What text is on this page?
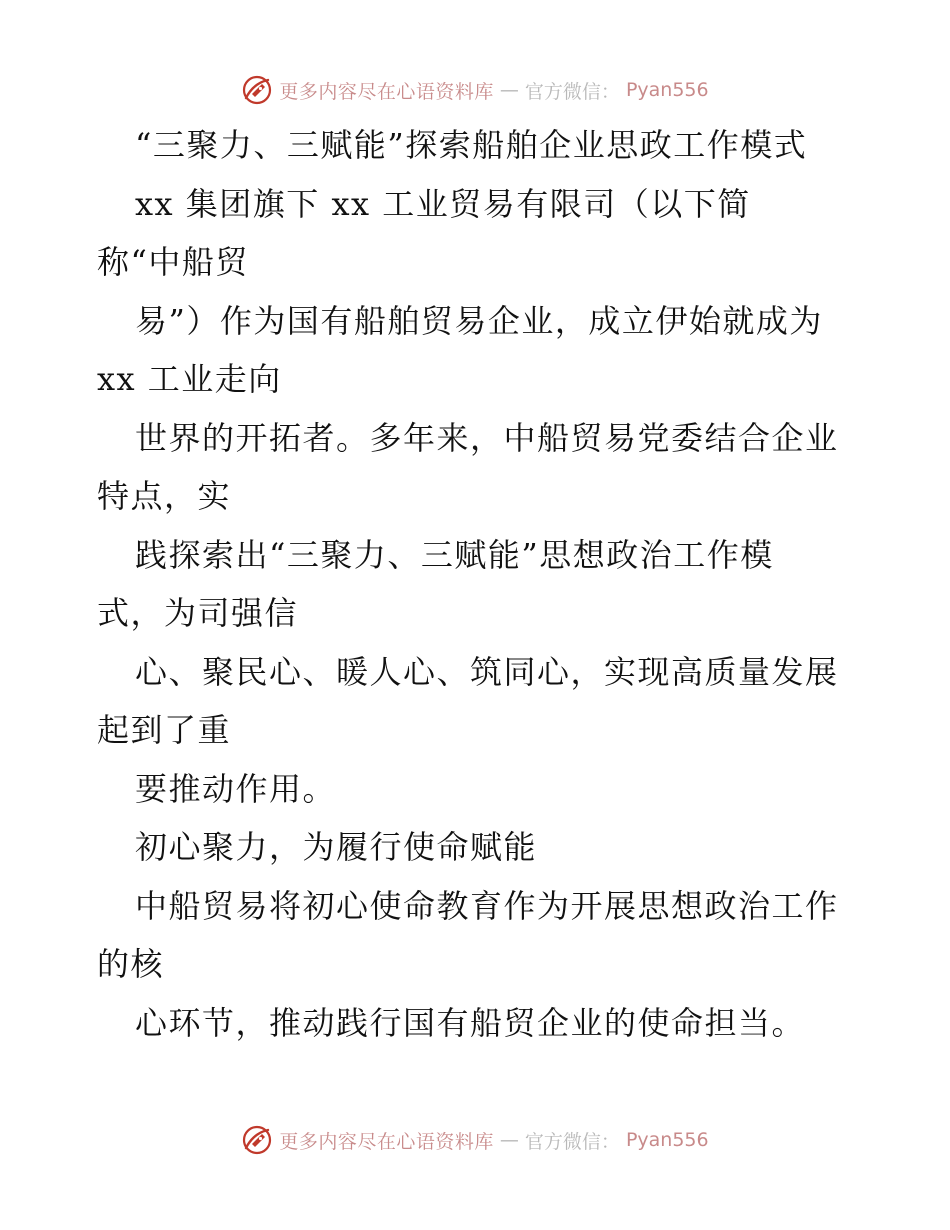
更多内容尽在心语资料库 — 官方微信： Pyan556
“三聚力、三赋能”探索船舶企业思政工作模式
xx 集团旗下 xx 工业贸易有限司（以下简
称“中船贸
易”）作为国有船舶贸易企业，成立伊始就成为
xx 工业走向
世界的开拓者。多年来，中船贸易党委结合企业
特点，实
践探索出“三聚力、三赋能”思想政治工作模
式，为司强信
心、聚民心、暖人心、筑同心，实现高质量发展
起到了重
要推动作用。
初心聚力，为履行使命赋能
中船贸易将初心使命教育作为开展思想政治工作
的核
心环节，推动践行国有船贸企业的使命担当。
更多内容尽在心语资料库 — 官方微信： Pyan556
